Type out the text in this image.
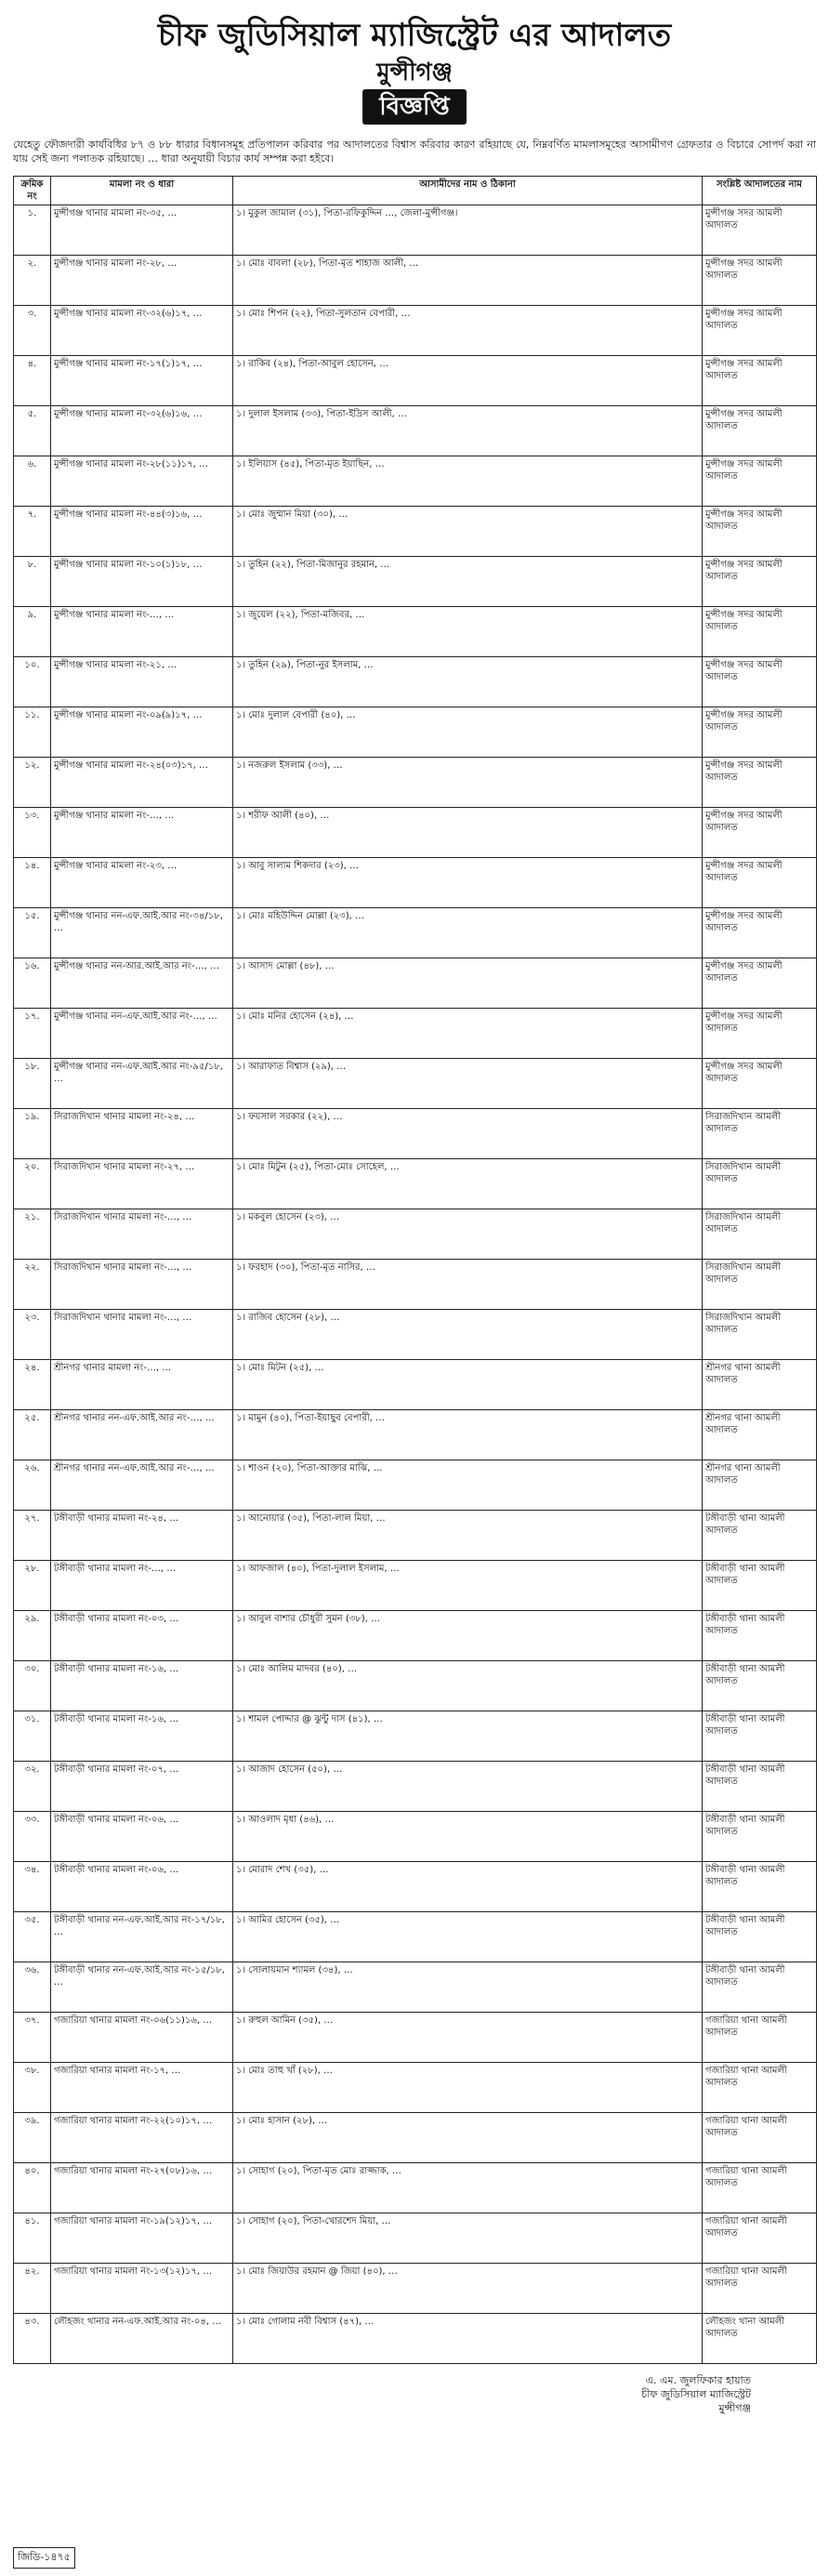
চীফ জুডিসিয়াল ম্যাজিস্ট্রেট এর আদালত
মুন্সীগঞ্জ
বিজ্ঞপ্তি

যেহেতু ফৌজদারী কার্যবিধির ৮৭ ও ৮৮ ধারার বিধানসমূহ প্রতিপালন করিবার পর আদালতের বিশ্বাস করিবার কারণ রহিয়াছে যে, নিম্নবর্ণিত মামলাসমূহের আসামীগণ গ্রেফতার ও বিচারে সোপর্দ করা না যায় সেই জন্য পলাতক রহিয়াছে। … ধারা অনুযায়ী বিচার কার্য সম্পন্ন করা হইবে।

ক্রমিক নং	মামলা নং ও ধারা	আসামীদের নাম ও ঠিকানা	সংশ্লিষ্ট আদালতের নাম
১.	মুন্সীগঞ্জ থানার মামলা নং-৩৫, …	১। মুকুল জামাল (৩১), পিতা-রফিকুদ্দিন …, জেলা-মুন্সীগঞ্জ।	মুন্সীগঞ্জ সদর আমলী আদালত
২.	মুন্সীগঞ্জ থানার মামলা নং-২৮, …	১। মোঃ বাবলা (২৮), পিতা-মৃত শাহাজ আলী, …	মুন্সীগঞ্জ সদর আমলী আদালত
৩.	মুন্সীগঞ্জ থানার মামলা নং-৩২(৬)১৭, …	১। মোঃ শিপন (২২), পিতা-সুলতান বেপারী, …	মুন্সীগঞ্জ সদর আমলী আদালত
৪.	মুন্সীগঞ্জ থানার মামলা নং-১৭(১)১৭, …	১। রাকিব (২৪), পিতা-আবুল হোসেন, …	মুন্সীগঞ্জ সদর আমলী আদালত
৫.	মুন্সীগঞ্জ থানার মামলা নং-৩২(৬)১৬, …	১। দুলাল ইসলাম (৩৩), পিতা-ইদ্রিস আলী, …	মুন্সীগঞ্জ সদর আমলী আদালত
৬.	মুন্সীগঞ্জ থানার মামলা নং-২৮(১১)১৭, …	১। ইলিয়াস (৪৫), পিতা-মৃত ইয়াছিন, …	মুন্সীগঞ্জ সদর আমলী আদালত
৭.	মুন্সীগঞ্জ থানার মামলা নং-৪৪(৩)১৬, …	১। মোঃ জুম্মান মিয়া (৩০), …	মুন্সীগঞ্জ সদর আমলী আদালত
৮.	মুন্সীগঞ্জ থানার মামলা নং-১০(১)১৮, …	১। তুহিন (২২), পিতা-মিজানুর রহমান, …	মুন্সীগঞ্জ সদর আমলী আদালত
৯.	মুন্সীগঞ্জ থানার মামলা নং-…, …	১। জুয়েল (২২), পিতা-মজিবর, …	মুন্সীগঞ্জ সদর আমলী আদালত
১০.	মুন্সীগঞ্জ থানার মামলা নং-২১, …	১। তুহিন (২৯), পিতা-নুর ইসলাম, …	মুন্সীগঞ্জ সদর আমলী আদালত
১১.	মুন্সীগঞ্জ থানার মামলা নং-০৯(৯)১৭, …	১। মোঃ দুলাল বেপারী (৪০), …	মুন্সীগঞ্জ সদর আমলী আদালত
১২.	মুন্সীগঞ্জ থানার মামলা নং-২৪(০৩)১৭, …	১। নজরুল ইসলাম (৩৩), …	মুন্সীগঞ্জ সদর আমলী আদালত
১৩.	মুন্সীগঞ্জ থানার মামলা নং-…, …	১। শরীফ আলী (৪০), …	মুন্সীগঞ্জ সদর আমলী আদালত
১৪.	মুন্সীগঞ্জ থানার মামলা নং-২৩, …	১। আবু সালাম শিকদার (২৩), …	মুন্সীগঞ্জ সদর আমলী আদালত
১৫.	মুন্সীগঞ্জ থানার নন-এফ.আই.আর নং-৩৪/১৮, …	১। মোঃ মহিউদ্দিন মোল্লা (২৩), …	মুন্সীগঞ্জ সদর আমলী আদালত
১৬.	মুন্সীগঞ্জ থানার নন-আর.আই.আর নং-…, …	১। আসাদ মোল্লা (৪৮), …	মুন্সীগঞ্জ সদর আমলী আদালত
১৭.	মুন্সীগঞ্জ থানার নন-এফ.আই.আর নং-…, …	১। মোঃ মনির হোসেন (২৪), …	মুন্সীগঞ্জ সদর আমলী আদালত
১৮.	মুন্সীগঞ্জ থানার নন-এফ.আই.আর নং-৯৫/১৮, …	১। আরাফাত বিশ্বাস (২৯), …	মুন্সীগঞ্জ সদর আমলী আদালত
১৯.	সিরাজদিখান থানার মামলা নং-২৪, …	১। ফয়সাল সরকার (২২), …	সিরাজদিখান আমলী আদালত
২০.	সিরাজদিখান থানার মামলা নং-২৭, …	১। মোঃ মিটুন (২৫), পিতা-মোঃ সোহেল, …	সিরাজদিখান আমলী আদালত
২১.	সিরাজদিখান থানার মামলা নং-…, …	১। মকবুল হোসেন (২৩), …	সিরাজদিখান আমলী আদালত
২২.	সিরাজদিখান থানার মামলা নং-…, …	১। ফরহাদ (৩০), পিতা-মৃত নাসির, …	সিরাজদিখান আমলী আদালত
২৩.	সিরাজদিখান থানার মামলা নং-…, …	১। রাজিব হোসেন (২৮), …	সিরাজদিখান আমলী আদালত
২৪.	শ্রীনগর থানার মামলা নং-…, …	১। মোঃ মিটন (২৫), …	শ্রীনগর থানা আমলী আদালত
২৫.	শ্রীনগর থানার নন-এফ.আই.আর নং-…, …	১। মামুন (৪০), পিতা-ইয়াছুব বেপারী, …	শ্রীনগর থানা আমলী আদালত
২৬.	শ্রীনগর থানার নন-এফ.আই.আর নং-…, …	১। শাওন (২০), পিতা-আক্তার মাঝি, …	শ্রীনগর থানা আমলী আদালত
২৭.	টঙ্গীবাড়ী থানার মামলা নং-২৪, …	১। আনোয়ার (৩৫), পিতা-লাল মিয়া, …	টঙ্গীবাড়ী থানা আমলী আদালত
২৮.	টঙ্গীবাড়ী থানার মামলা নং-…, …	১। আফজাল (৪০), পিতা-দুলাল ইসলাম, …	টঙ্গীবাড়ী থানা আমলী আদালত
২৯.	টঙ্গীবাড়ী থানার মামলা নং-০৩, …	১। আবুল বাশার চৌধুরী সুমন (৩৮), …	টঙ্গীবাড়ী থানা আমলী আদালত
৩০.	টঙ্গীবাড়ী থানার মামলা নং-১৬, …	১। মোঃ আলিম মাদবর (৪০), …	টঙ্গীবাড়ী থানা আমলী আদালত
৩১.	টঙ্গীবাড়ী থানার মামলা নং-১৬, …	১। শামল পোদ্দার @ ঝুন্টু দাস (৪১), …	টঙ্গীবাড়ী থানা আমলী আদালত
৩২.	টঙ্গীবাড়ী থানার মামলা নং-০৭, …	১। আজাদ হোসেন (৫০), …	টঙ্গীবাড়ী থানা আমলী আদালত
৩৩.	টঙ্গীবাড়ী থানার মামলা নং-০৬, …	১। আওলাদ মৃধা (৪৬), …	টঙ্গীবাড়ী থানা আমলী আদালত
৩৪.	টঙ্গীবাড়ী থানার মামলা নং-০৬, …	১। মোরাদ শেখ (৩৫), …	টঙ্গীবাড়ী থানা আমলী আদালত
৩৫.	টঙ্গীবাড়ী থানার নন-এফ.আই.আর নং-১৭/১৮, …	১। আমির হোসেন (৩৫), …	টঙ্গীবাড়ী থানা আমলী আদালত
৩৬.	টঙ্গীবাড়ী থানার নন-এফ.আই.আর নং-১৫/১৮, …	১। সোলায়মান শ্যামল (৩৪), …	টঙ্গীবাড়ী থানা আমলী আদালত
৩৭.	গজারিয়া থানার মামলা নং-০৬(১১)১৬, …	১। রুহুল আমিন (৩৫), …	গজারিয়া থানা আমলী আদালত
৩৮.	গজারিয়া থানার মামলা নং-১৭, …	১। মোঃ তাহু খাঁ (২৮), …	গজারিয়া থানা আমলী আদালত
৩৯.	গজারিয়া থানার মামলা নং-২২(১০)১৭, …	১। মোঃ হাসান (২৮), …	গজারিয়া থানা আমলী আদালত
৪০.	গজারিয়া থানার মামলা নং-২৭(০৮)১৬, …	১। সোহাগ (২০), পিতা-মৃত মোঃ রাজ্জাক, …	গজারিয়া থানা আমলী আদালত
৪১.	গজারিয়া থানার মামলা নং-১৯(১২)১৭, …	১। সোহাগ (২০), পিতা-খোরশেদ মিয়া, …	গজারিয়া থানা আমলী আদালত
৪২.	গজারিয়া থানার মামলা নং-১৩(১২)১৭, …	১। মোঃ জিয়াউর রহমান @ জিয়া (৪০), …	গজারিয়া থানা আমলী আদালত
৪৩.	লৌহজং থানার নন-এফ.আই.আর নং-০৪, …	১। মোঃ গোলাম নবী বিশ্বাস (৪৭), …	লৌহজং থানা আমলী আদালত
এ. এম. জুলফিকার হায়াত
চীফ জুডিসিয়াল ম্যাজিস্ট্রেট
মুন্সীগঞ্জ
জিডি-১৪৭৫
